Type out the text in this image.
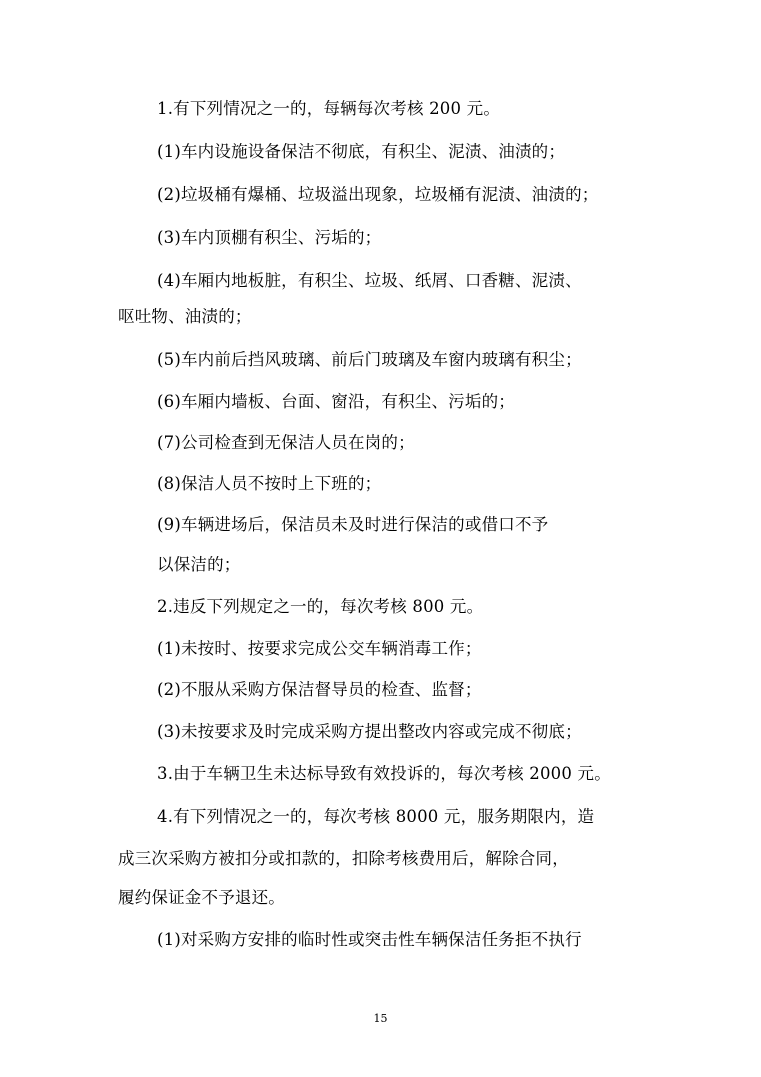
1.有下列情况之一的，每辆每次考核 200 元。
(1)车内设施设备保洁不彻底，有积尘、泥渍、油渍的；
(2)垃圾桶有爆桶、垃圾溢出现象，垃圾桶有泥渍、油渍的；
(3)车内顶棚有积尘、污垢的；
(4)车厢内地板脏，有积尘、垃圾、纸屑、口香糖、泥渍、
呕吐物、油渍的；
(5)车内前后挡风玻璃、前后门玻璃及车窗内玻璃有积尘；
(6)车厢内墙板、台面、窗沿，有积尘、污垢的；
(7)公司检查到无保洁人员在岗的；
(8)保洁人员不按时上下班的；
(9)车辆进场后，保洁员未及时进行保洁的或借口不予
以保洁的；
2.违反下列规定之一的，每次考核 800 元。
(1)未按时、按要求完成公交车辆消毒工作；
(2)不服从采购方保洁督导员的检查、监督；
(3)未按要求及时完成采购方提出整改内容或完成不彻底；
3.由于车辆卫生未达标导致有效投诉的，每次考核 2000 元。
4.有下列情况之一的，每次考核 8000 元，服务期限内，造
成三次采购方被扣分或扣款的，扣除考核费用后，解除合同，
履约保证金不予退还。
(1)对采购方安排的临时性或突击性车辆保洁任务拒不执行
15
